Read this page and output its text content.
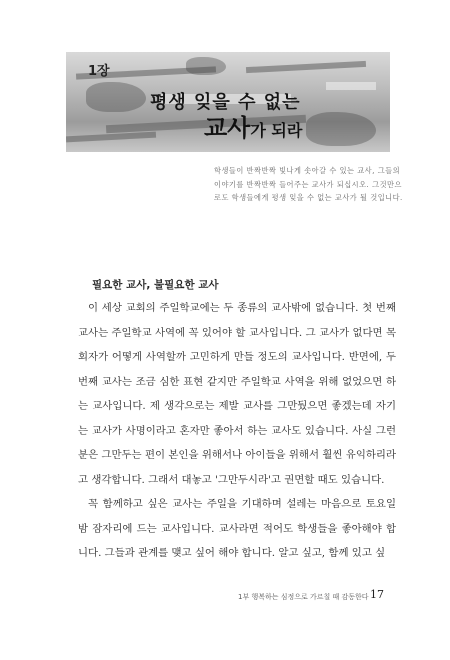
1장
평생 잊을 수 없는
교사가 되라
학생들이 반짝반짝 빛나게 솟아갈 수 있는 교사, 그들의 이야기를 반짝반짝 들어주는 교사가 되십시오. 그것만으로도 학생들에게 평생 잊을 수 없는 교사가 될 것입니다.
필요한 교사, 불필요한 교사

이 세상 교회의 주일학교에는 두 종류의 교사밖에 없습니다. 첫 번째 교사는 주일학교 사역에 꼭 있어야 할 교사입니다. 그 교사가 없다면 목회자가 어떻게 사역할까 고민하게 만들 정도의 교사입니다. 반면에, 두 번째 교사는 조금 심한 표현 같지만 주일학교 사역을 위해 없었으면 하는 교사입니다. 제 생각으로는 제발 교사를 그만뒀으면 좋겠는데 자기는 교사가 사명이라고 혼자만 좋아서 하는 교사도 있습니다. 사실 그런 분은 그만두는 편이 본인을 위해서나 아이들을 위해서 훨씬 유익하리라고 생각합니다. 그래서 대놓고 '그만두시라'고 권면할 때도 있습니다.

꼭 함께하고 싶은 교사는 주일을 기대하며 설레는 마음으로 토요일 밤 잠자리에 드는 교사입니다. 교사라면 적어도 학생들을 좋아해야 합니다. 그들과 관계를 맺고 싶어 해야 합니다. 알고 싶고, 함께 있고 싶

1부 행복하는 심정으로 가르칠 때 감동한다 17
